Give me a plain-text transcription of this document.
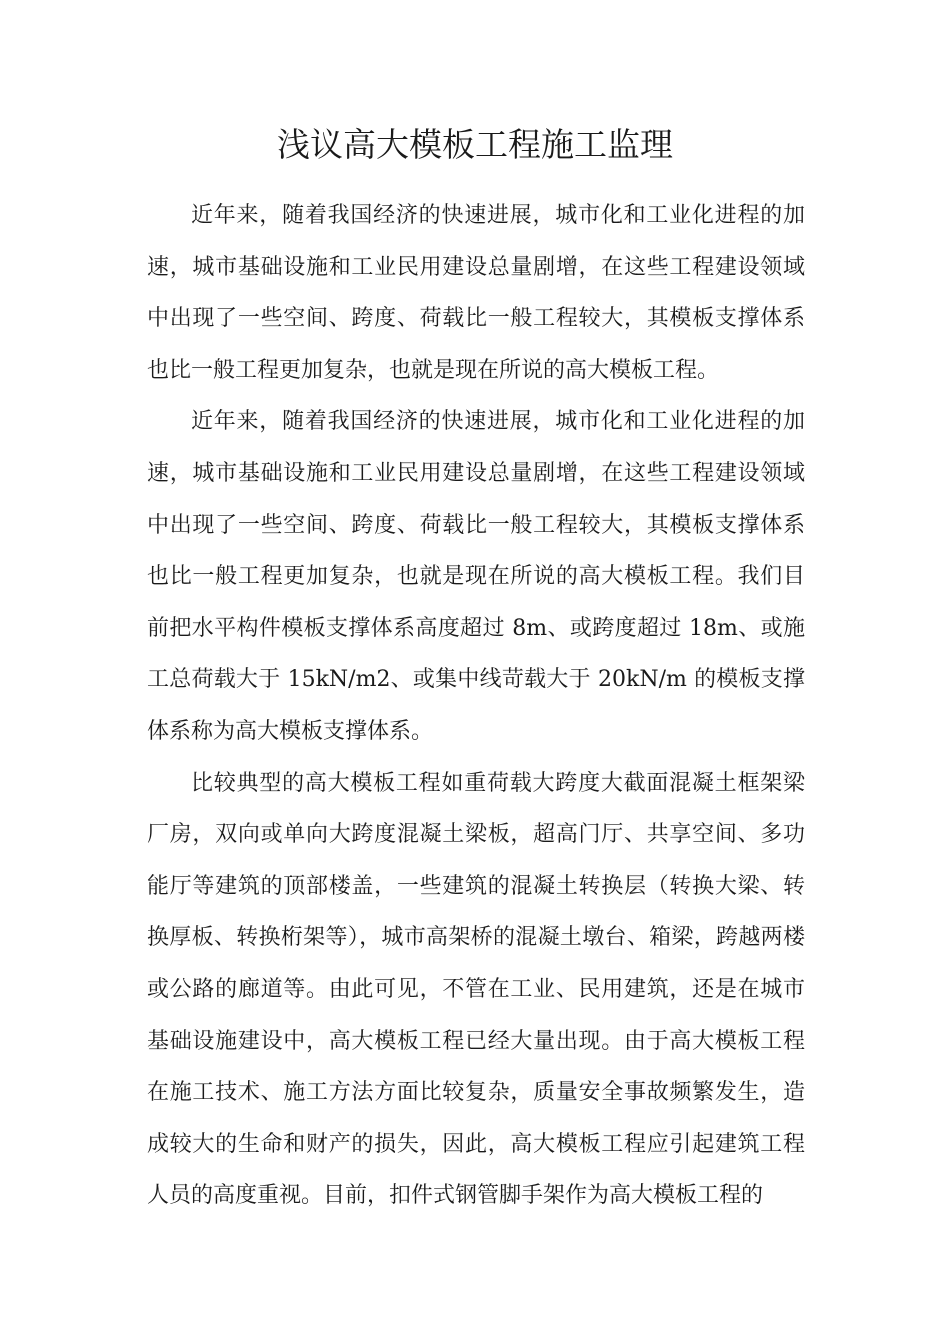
浅议高大模板工程施工监理

近年来，随着我国经济的快速进展，城市化和工业化进程的加速，城市基础设施和工业民用建设总量剧增，在这些工程建设领域中出现了一些空间、跨度、荷载比一般工程较大，其模板支撑体系也比一般工程更加复杂，也就是现在所说的高大模板工程。

近年来，随着我国经济的快速进展，城市化和工业化进程的加速，城市基础设施和工业民用建设总量剧增，在这些工程建设领域中出现了一些空间、跨度、荷载比一般工程较大，其模板支撑体系也比一般工程更加复杂，也就是现在所说的高大模板工程。我们目前把水平构件模板支撑体系高度超过 8m、或跨度超过 18m、或施工总荷载大于 15kN/m2、或集中线苛载大于 20kN/m 的模板支撑体系称为高大模板支撑体系。

比较典型的高大模板工程如重荷载大跨度大截面混凝土框架梁厂房，双向或单向大跨度混凝土梁板，超高门厅、共享空间、多功能厅等建筑的顶部楼盖，一些建筑的混凝土转换层（转换大梁、转换厚板、转换桁架等），城市高架桥的混凝土墩台、箱梁，跨越两楼或公路的廊道等。由此可见，不管在工业、民用建筑，还是在城市基础设施建设中，高大模板工程已经大量出现。由于高大模板工程在施工技术、施工方法方面比较复杂，质量安全事故频繁发生，造成较大的生命和财产的损失，因此，高大模板工程应引起建筑工程人员的高度重视。目前，扣件式钢管脚手架作为高大模板工程的
